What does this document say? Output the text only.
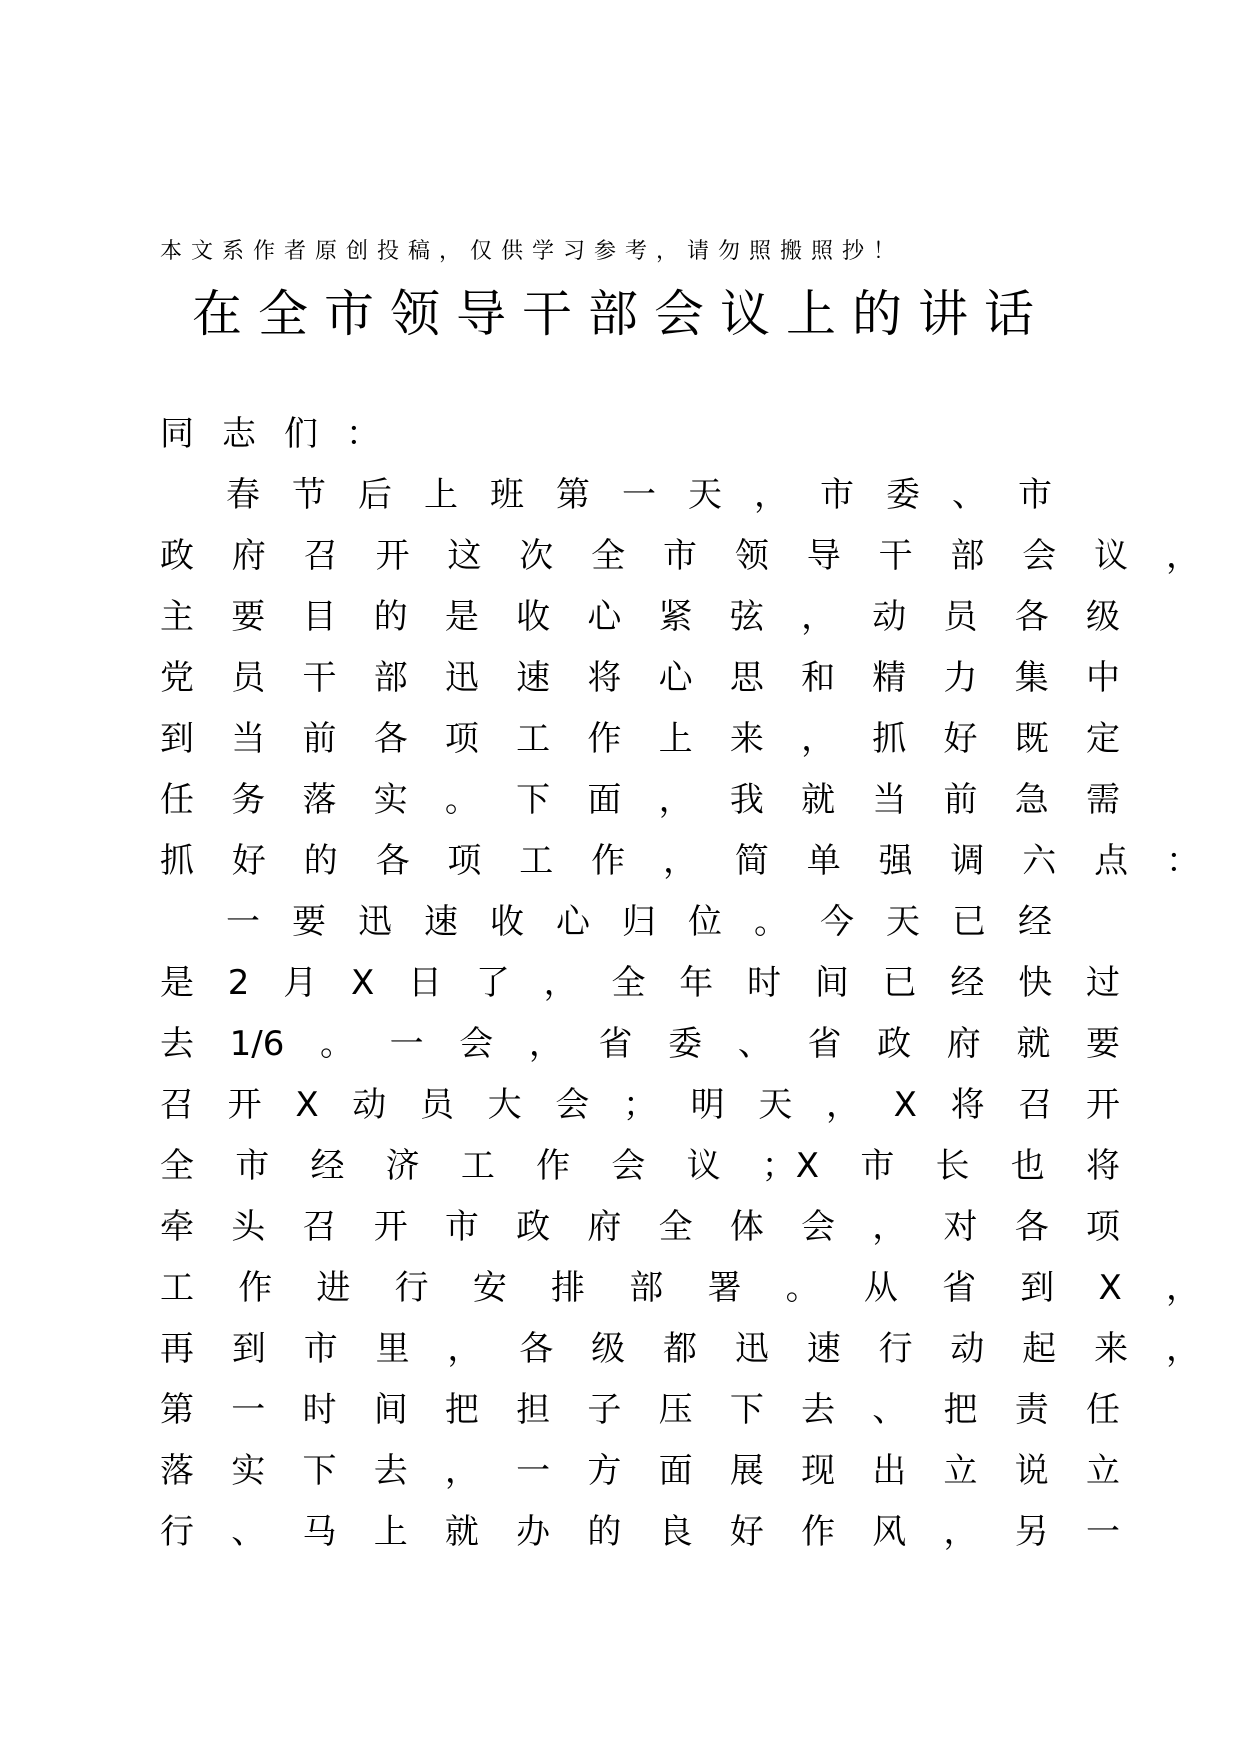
本文系作者原创投稿，仅供学习参考，请勿照搬照抄！
在全市领导干部会议上的讲话
同志们：
春节后上班第一天，市委、市
政府召开这次全市领导干部会议，
主要目的是收心紧弦，动员各级
党员干部迅速将心思和精力集中
到当前各项工作上来，抓好既定
任务落实。下面，我就当前急需
抓好的各项工作，简单强调六点：
一要迅速收心归位。今天已经
是2月X日了，全年时间已经快过
去1/6。一会，省委、省政府就要
召开X动员大会；明天，X将召开
全市经济工作会议；X市长也将
牵头召开市政府全体会，对各项
工作进行安排部署。从省到X，
再到市里，各级都迅速行动起来，
第一时间把担子压下去、把责任
落实下去，一方面展现出立说立
行、马上就办的良好作风，另一
